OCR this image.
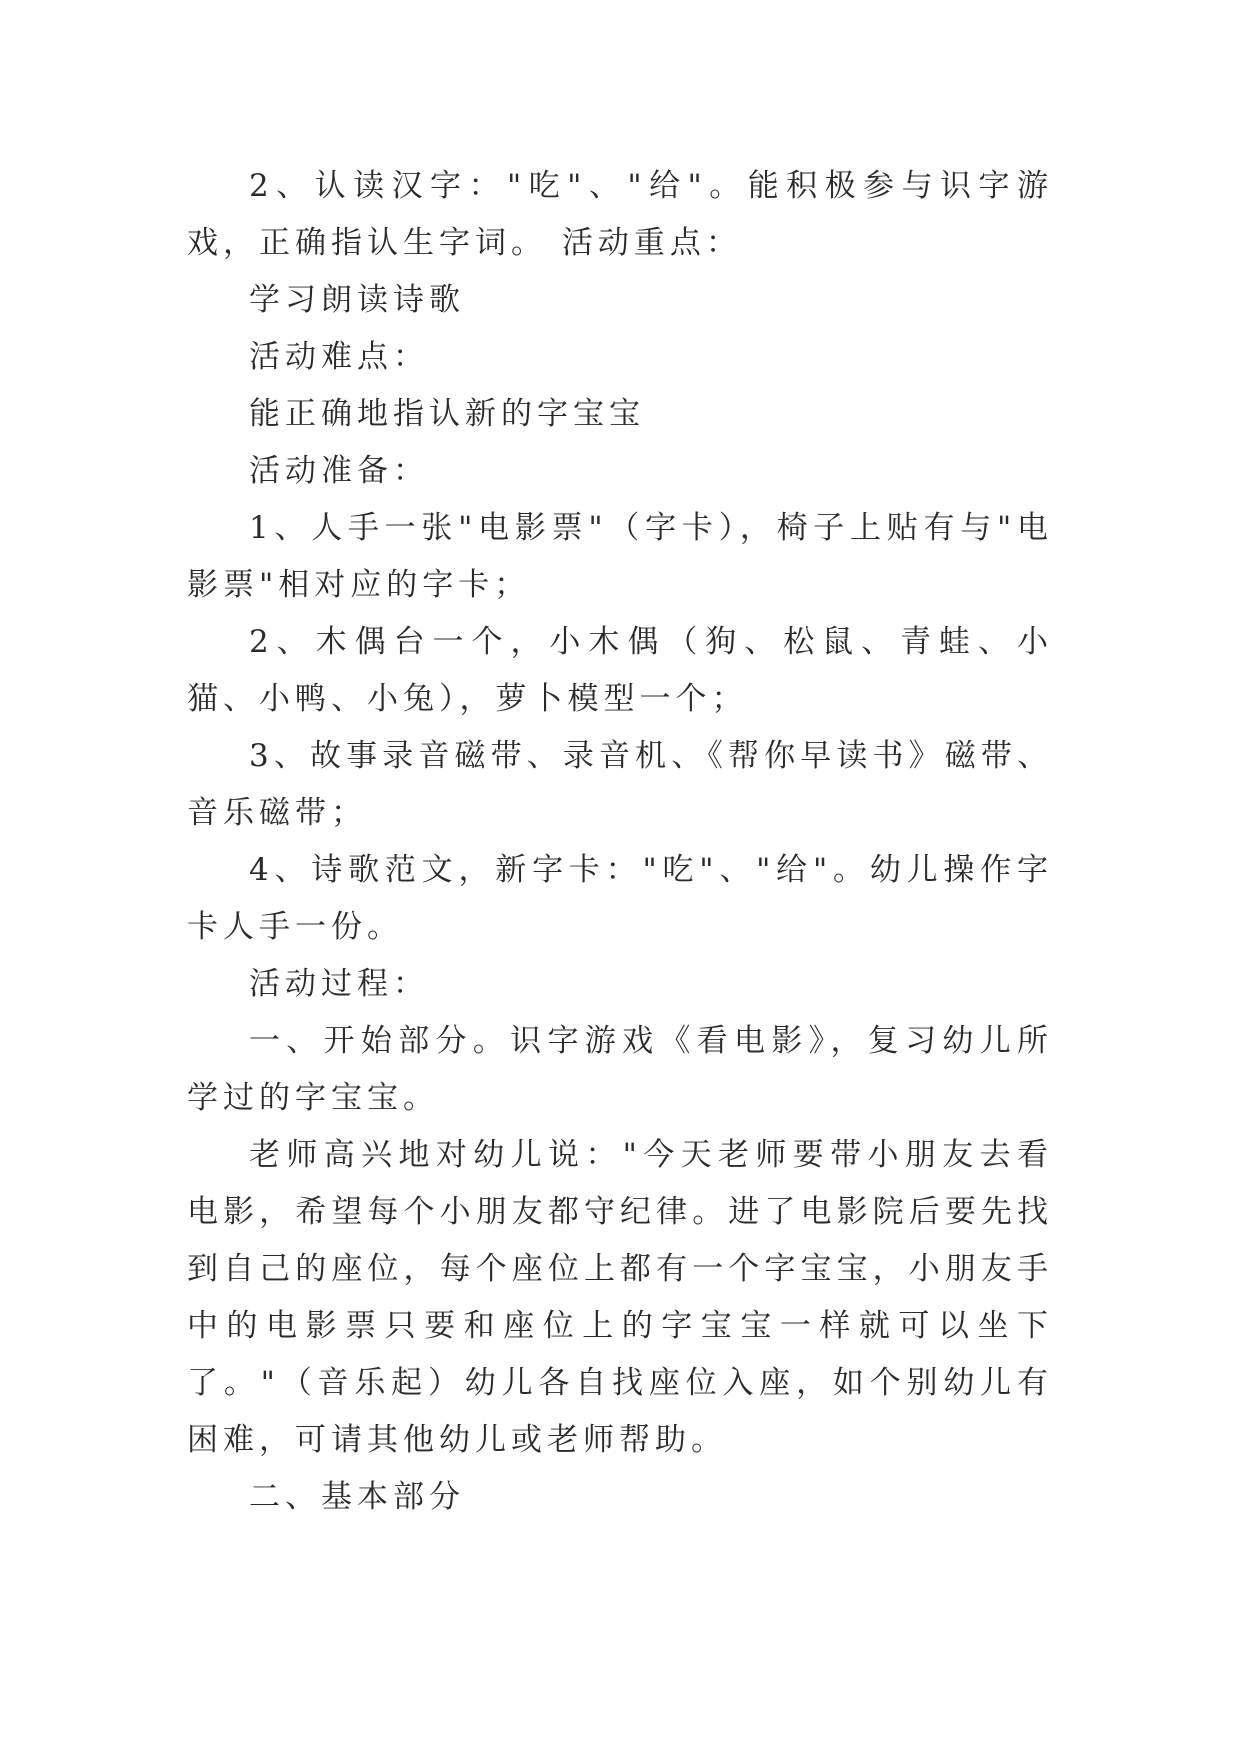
2、认读汉字："吃"、"给"。能积极参与识字游戏，正确指认生字词。 活动重点：

学习朗读诗歌

活动难点：

能正确地指认新的字宝宝

活动准备：

1、人手一张"电影票"（字卡），椅子上贴有与"电影票"相对应的字卡；

2、木偶台一个，小木偶（狗、松鼠、青蛙、小猫、小鸭、小兔），萝卜模型一个；

3、故事录音磁带、录音机、《帮你早读书》磁带、音乐磁带；

4、诗歌范文，新字卡："吃"、"给"。幼儿操作字卡人手一份。

活动过程：

一、开始部分。识字游戏《看电影》，复习幼儿所学过的字宝宝。

老师高兴地对幼儿说："今天老师要带小朋友去看电影，希望每个小朋友都守纪律。进了电影院后要先找到自己的座位，每个座位上都有一个字宝宝，小朋友手中的电影票只要和座位上的字宝宝一样就可以坐下了。"（音乐起）幼儿各自找座位入座，如个别幼儿有困难，可请其他幼儿或老师帮助。

二、基本部分
